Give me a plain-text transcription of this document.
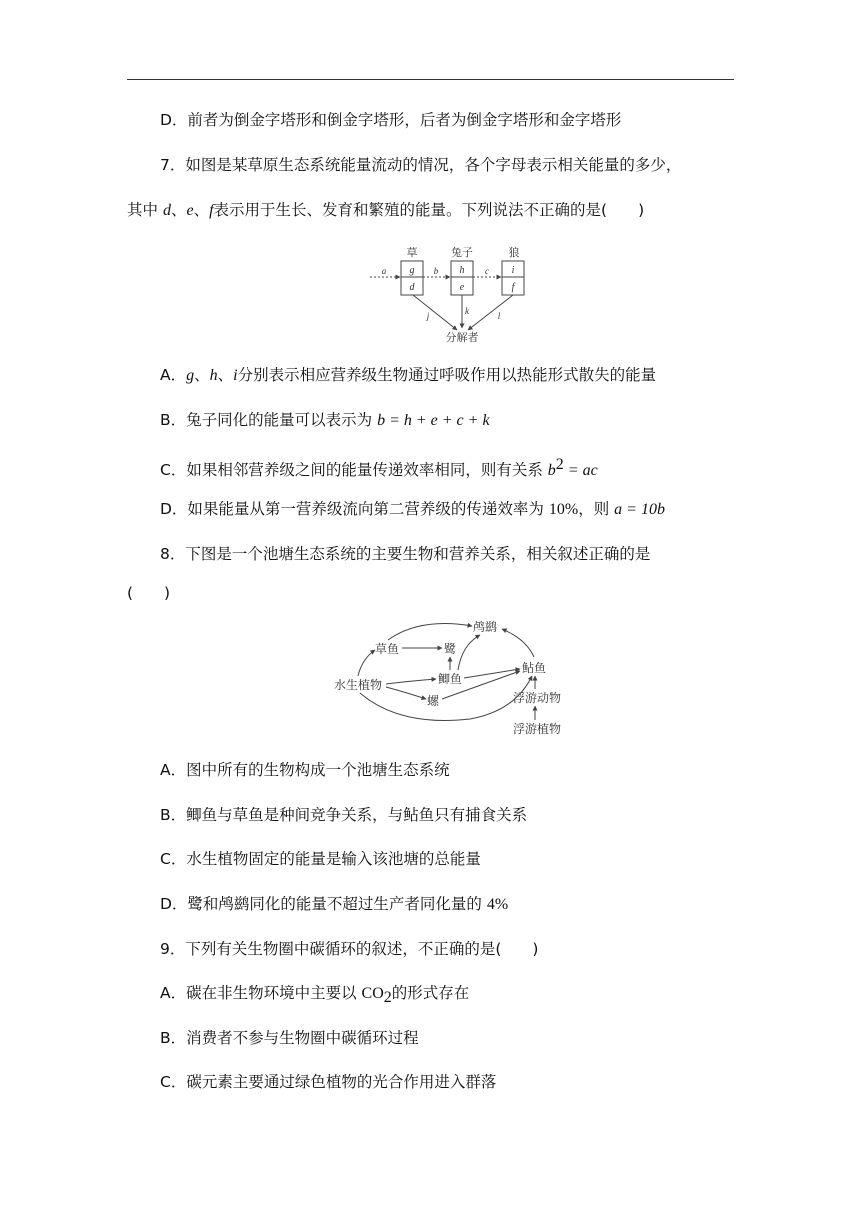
D．前者为倒金字塔形和倒金字塔形，后者为倒金字塔形和金字塔形
7．如图是某草原生态系统能量流动的情况，各个字母表示相关能量的多少，
其中 d、e、f表示用于生长、发育和繁殖的能量。下列说法不正确的是(　　)
草	兔子	狼
g
d
h
e
i
f
a	b	c
j	k	l
分解者
A．g、h、i分别表示相应营养级生物通过呼吸作用以热能形式散失的能量
B．兔子同化的能量可以表示为 b = h + e + c + k
C．如果相邻营养级之间的能量传递效率相同，则有关系 $b^2$ = ac
D．如果能量从第一营养级流向第二营养级的传递效率为 10%，则 a = 10b
8．下图是一个池塘生态系统的主要生物和营养关系，相关叙述正确的是
(　　)
水生植物
草鱼	鹭
鸬鹚
鲫鱼
鲇鱼
螺	浮游动物
浮游植物
A．图中所有的生物构成一个池塘生态系统
B．鲫鱼与草鱼是种间竞争关系，与鲇鱼只有捕食关系
C．水生植物固定的能量是输入该池塘的总能量
D．鹭和鸬鹚同化的能量不超过生产者同化量的 4%
9．下列有关生物圈中碳循环的叙述，不正确的是(　　)
A．碳在非生物环境中主要以 $CO_2$的形式存在
B．消费者不参与生物圈中碳循环过程
C．碳元素主要通过绿色植物的光合作用进入群落
